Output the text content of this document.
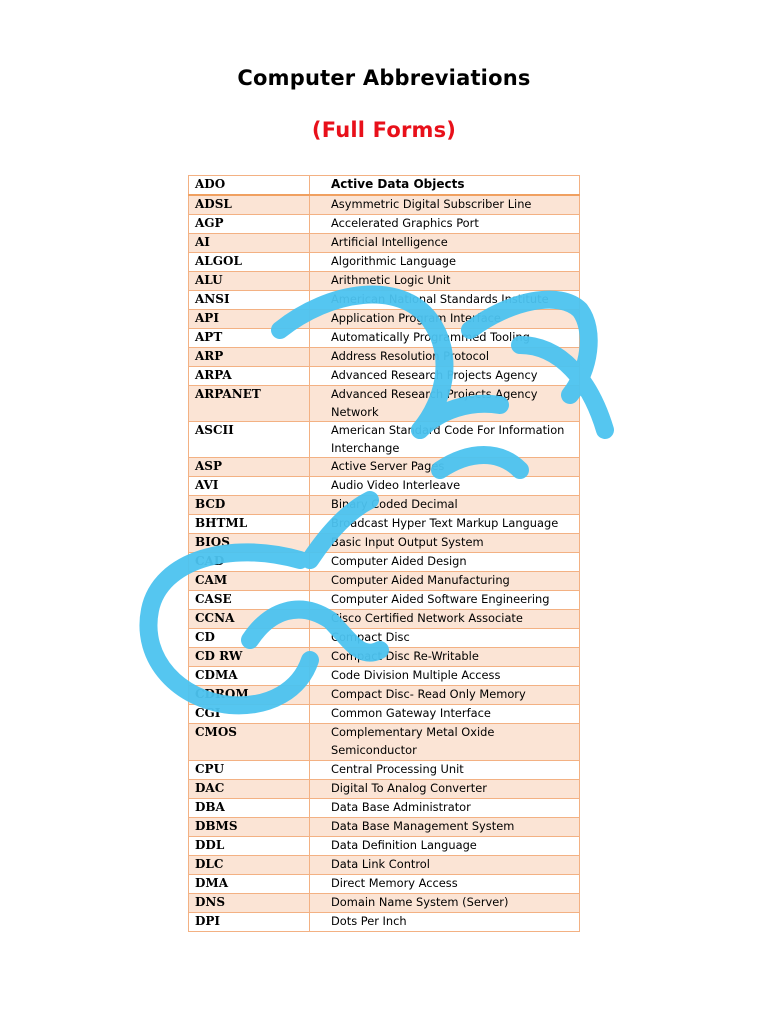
Computer Abbreviations
(Full Forms)
ADO	Active Data Objects
ADSL	Asymmetric Digital Subscriber Line
AGP	Accelerated Graphics Port
AI	Artificial Intelligence
ALGOL	Algorithmic Language
ALU	Arithmetic Logic Unit
ANSI	American National Standards Institute
API	Application Program Interface
APT	Automatically Programmed Tooling
ARP	Address Resolution Protocol
ARPA	Advanced Research Projects Agency
ARPANET	Advanced Research Projects Agency Network
ASCII	American Standard Code For Information Interchange
ASP	Active Server Pages
AVI	Audio Video Interleave
BCD	Binary Coded Decimal
BHTML	Broadcast Hyper Text Markup Language
BIOS	Basic Input Output System
CAD	Computer Aided Design
CAM	Computer Aided Manufacturing
CASE	Computer Aided Software Engineering
CCNA	Cisco Certified Network Associate
CD	Compact Disc
CD RW	Compact Disc Re-Writable
CDMA	Code Division Multiple Access
CDROM	Compact Disc- Read Only Memory
CGI	Common Gateway Interface
CMOS	Complementary Metal Oxide Semiconductor
CPU	Central Processing Unit
DAC	Digital To Analog Converter
DBA	Data Base Administrator
DBMS	Data Base Management System
DDL	Data Definition Language
DLC	Data Link Control
DMA	Direct Memory Access
DNS	Domain Name System (Server)
DPI	Dots Per Inch
